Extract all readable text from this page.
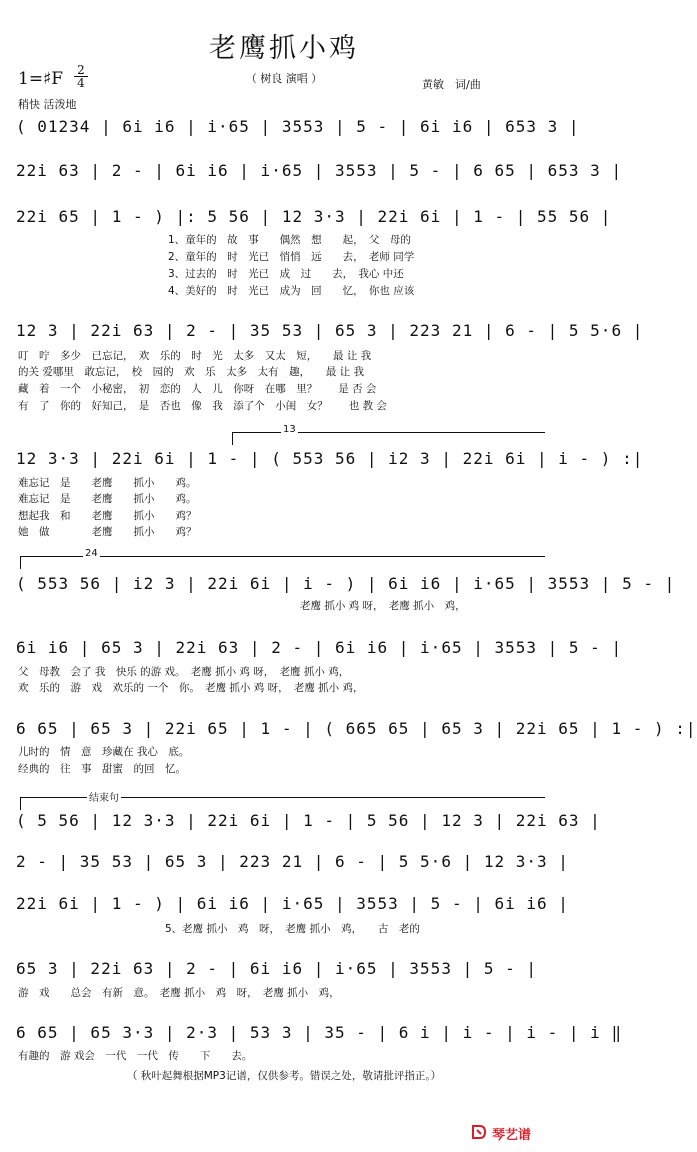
老鹰抓小鸡
（ 树良 演唱 ）
1=♯F 2
4
稍快 活泼地
黄敏　词/曲
( 01234 | 6i i6 | i·65 | 3553 | 5 - | 6i i6 | 653 3 |
22i 63 | 2 - | 6i i6 | i·65 | 3553 | 5 - | 6 65 | 653 3 |
22i 65 | 1 - ) |: 5 56 | 12 3·3 | 22i 6i | 1 - | 55 56 |
12 3 | 22i 63 | 2 - | 35 53 | 65 3 | 223 21 | 6 - | 5 5·6 |
12 3·3 | 22i 6i | 1 - | ( 553 56 | i2 3 | 22i 6i | i - ) :|
( 553 56 | i2 3 | 22i 6i | i - ) | 6i i6 | i·65 | 3553 | 5 - |
6i i6 | 65 3 | 22i 63 | 2 - | 6i i6 | i·65 | 3553 | 5 - |
6 65 | 65 3 | 22i 65 | 1 - | ( 665 65 | 65 3 | 22i 65 | 1 - ) :|
( 5 56 | 12 3·3 | 22i 6i | 1 - | 5 56 | 12 3 | 22i 63 |
2 - | 35 53 | 65 3 | 223 21 | 6 - | 5 5·6 | 12 3·3 |
22i 6i | 1 - ) | 6i i6 | i·65 | 3553 | 5 - | 6i i6 |
65 3 | 22i 63 | 2 - | 6i i6 | i·65 | 3553 | 5 - |
6 65 | 65 3·3 | 2·3 | 53 3 | 35 - | 6 i | i - | i - | i ‖
1、童年的　故　事　　偶然　想　　起，　父　母的
2、童年的　时　光已　悄悄　远　　去，　老师 同学
3、过去的　时　光已　成　过　　去，　我心 中还
4、美好的　时　光已　成为　回　　忆，　你也 应该
叮　咛　多少　已忘记，　欢　乐的　时　光　太多　又太　短，　　最 让 我
的关 爱哪里　敢忘记，　校　园的　欢　乐　太多　太有　趣，　　最 让 我
藏　着　一个　小秘密，　初　恋的　人　儿　你呀　在哪　里？　　是 否 会
有　了　你的　好知己，　是　否也　像　我　添了个　小闺　女？　　也 教 会
13
难忘记　是　　老鹰　　抓小　　鸡。
难忘记　是　　老鹰　　抓小　　鸡。
想起我　和　　老鹰　　抓小　　鸡？
她　做　　　　老鹰　　抓小　　鸡？
24
老鹰 抓小 鸡 呀，　老鹰 抓小　鸡，
父　母教　会了 我　快乐 的游 戏。　老鹰 抓小 鸡 呀，　老鹰 抓小 鸡，
欢　乐的　游　戏　欢乐的 一个　你。　老鹰 抓小 鸡 呀，　老鹰 抓小 鸡，
儿时的　情　意　珍藏在 我心　底。
经典的　往　事　甜蜜　的回　忆。
结束句
5、老鹰 抓小　鸡　呀，　老鹰 抓小　鸡，　　古　老的
游　戏　　总会　有新　意。　老鹰 抓小　鸡　呀，　老鹰 抓小　鸡，
有趣的　游 戏会　一代　一代　传　　下　　去。
（ 秋叶起舞根据MP3记谱，仅供参考。错误之处，敬请批评指正。）
琴艺谱
